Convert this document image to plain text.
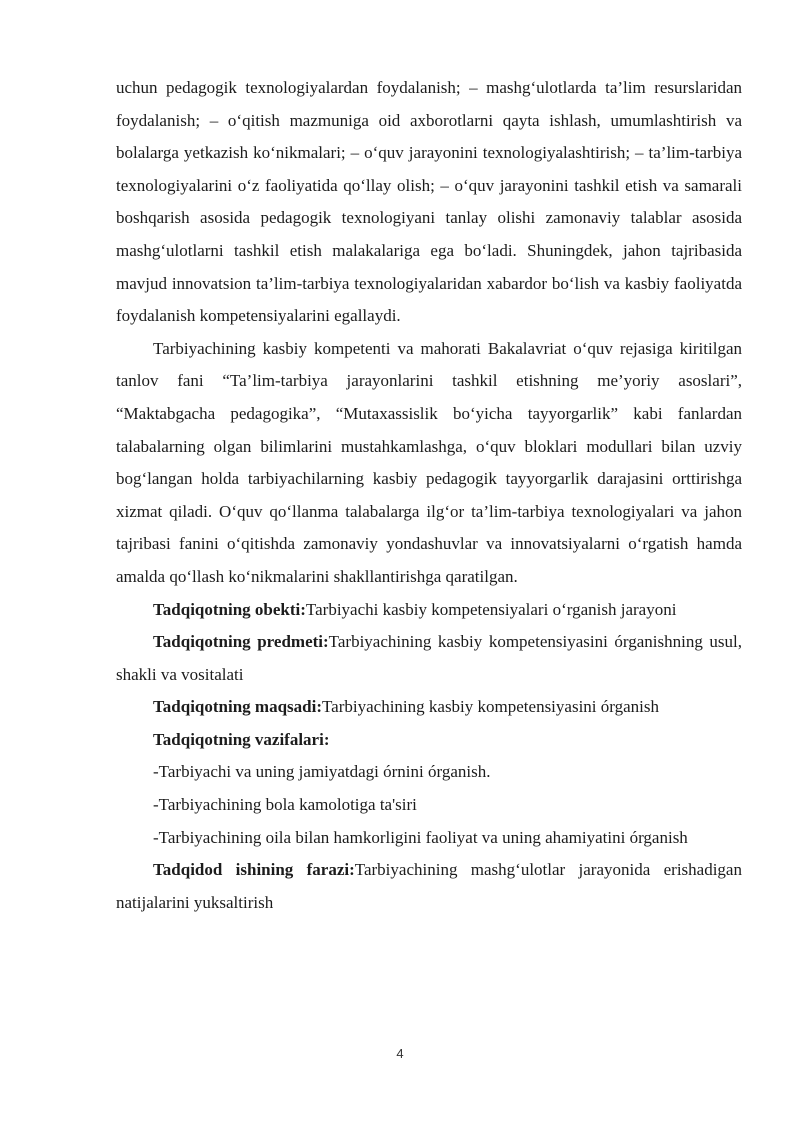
uchun pedagogik texnologiyalardan foydalanish; – mashg‘ulotlarda ta’lim resurslaridan foydalanish; – o‘qitish mazmuniga oid axborotlarni qayta ishlash, umumlashtirish va bolalarga yetkazish ko‘nikmalari; – o‘quv jarayonini texnologiyalashtirish; – ta’lim-tarbiya texnologiyalarini o‘z faoliyatida qo‘llay olish; – o‘quv jarayonini tashkil etish va samarali boshqarish asosida pedagogik texnologiyani tanlay olishi zamonaviy talablar asosida mashg‘ulotlarni tashkil etish malakalariga ega bo‘ladi. Shuningdek, jahon tajribasida mavjud innovatsion ta’lim-tarbiya texnologiyalaridan xabardor bo‘lish va kasbiy faoliyatda foydalanish kompetensiyalarini egallaydi.

Tarbiyachining kasbiy kompetenti va mahorati Bakalavriat o‘quv rejasiga kiritilgan tanlov fani “Ta’lim-tarbiya jarayonlarini tashkil etishning me’yoriy asoslari”, “Maktabgacha pedagogika”, “Mutaxassislik bo‘yicha tayyorgarlik” kabi fanlardan talabalarning olgan bilimlarini mustahkamlashga, o‘quv bloklari modullari bilan uzviy bog‘langan holda tarbiyachilarning kasbiy pedagogik tayyorgarlik darajasini orttirishga xizmat qiladi. O‘quv qo‘llanma talabalarga ilg‘or ta’lim-tarbiya texnologiyalari va jahon tajribasi fanini o‘qitishda zamonaviy yondashuvlar va innovatsiyalarni o‘rgatish hamda amalda qo‘llash ko‘nikmalarini shakllantirishga qaratilgan.

Tadqiqotning obekti:Tarbiyachi kasbiy kompetensiyalari o‘rganish jarayoni

Tadqiqotning predmeti:Tarbiyachining kasbiy kompetensiyasini órganishning usul, shakli va vositalati

Tadqiqotning maqsadi:Tarbiyachining kasbiy kompetensiyasini órganish

Tadqiqotning vazifalari:

-Tarbiyachi va uning jamiyatdagi órnini órganish.

-Tarbiyachining bola kamolotiga ta'siri

-Tarbiyachining oila bilan hamkorligini faoliyat va uning ahamiyatini órganish

Tadqidod ishining farazi:Tarbiyachining mashg‘ulotlar jarayonida erishadigan natijalarini yuksaltirish

4
